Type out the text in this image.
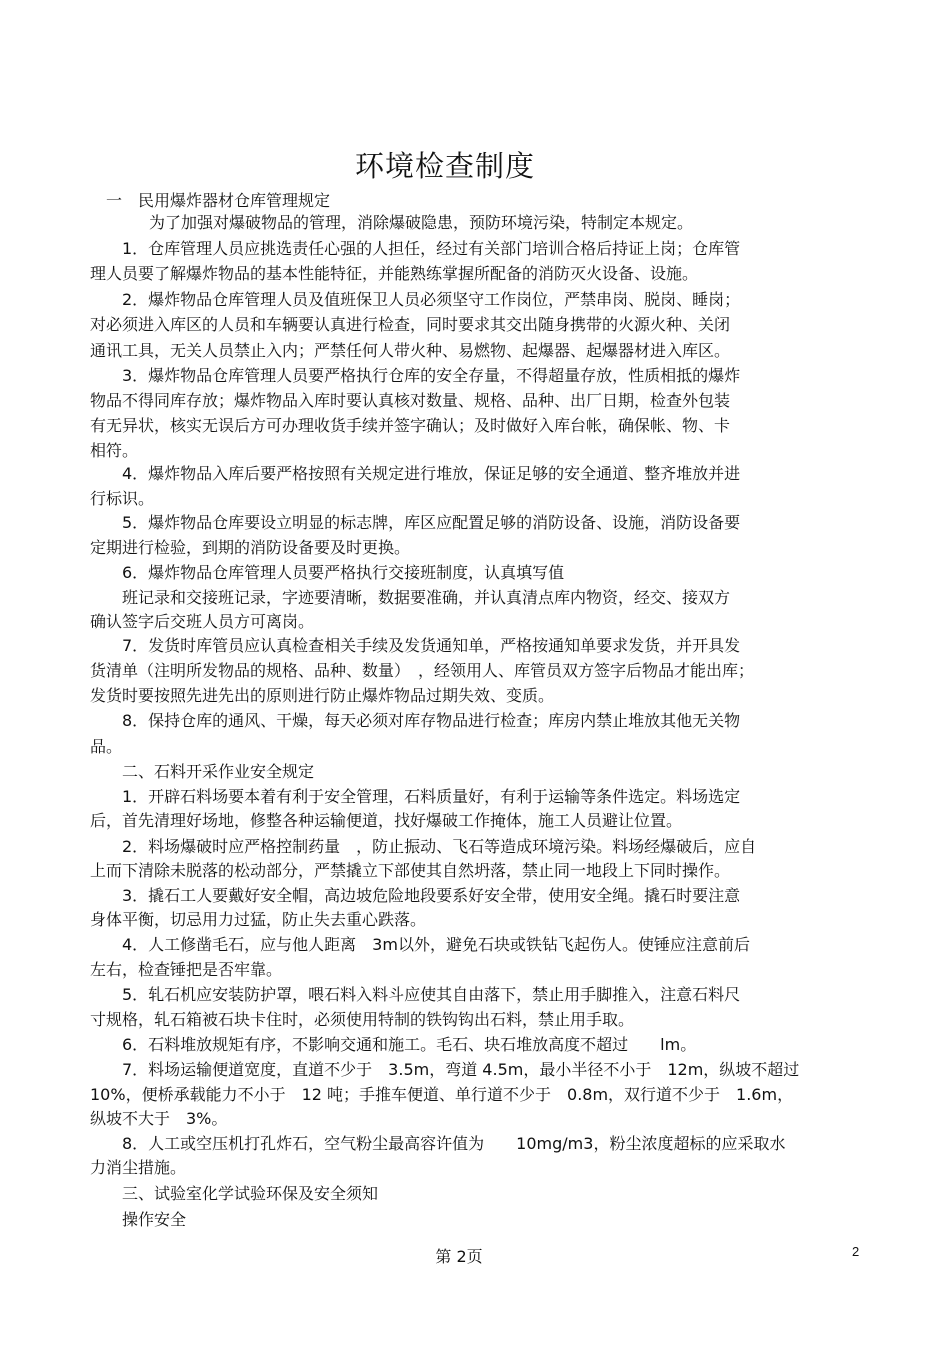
环境检查制度
一　民用爆炸器材仓库管理规定
为了加强对爆破物品的管理，消除爆破隐患，预防环境污染，特制定本规定。
1．仓库管理人员应挑选责任心强的人担任，经过有关部门培训合格后持证上岗；仓库管
理人员要了解爆炸物品的基本性能特征，并能熟练掌握所配备的消防灭火设备、设施。
2．爆炸物品仓库管理人员及值班保卫人员必须坚守工作岗位，严禁串岗、脱岗、睡岗；
对必须进入库区的人员和车辆要认真进行检查，同时要求其交出随身携带的火源火种、关闭
通讯工具，无关人员禁止入内；严禁任何人带火种、易燃物、起爆器、起爆器材进入库区。
3．爆炸物品仓库管理人员要严格执行仓库的安全存量，不得超量存放，性质相抵的爆炸
物品不得同库存放；爆炸物品入库时要认真核对数量、规格、品种、出厂日期，检查外包装
有无异状，核实无误后方可办理收货手续并签字确认；及时做好入库台帐，确保帐、物、卡
相符。
4．爆炸物品入库后要严格按照有关规定进行堆放，保证足够的安全通道、整齐堆放并进
行标识。
5．爆炸物品仓库要设立明显的标志牌，库区应配置足够的消防设备、设施，消防设备要
定期进行检验，到期的消防设备要及时更换。
6．爆炸物品仓库管理人员要严格执行交接班制度，认真填写值
班记录和交接班记录，字迹要清晰，数据要准确，并认真清点库内物资，经交、接双方
确认签字后交班人员方可离岗。
7．发货时库管员应认真检查相关手续及发货通知单，严格按通知单要求发货，并开具发
货清单（注明所发物品的规格、品种、数量）　，经领用人、库管员双方签字后物品才能出库；
发货时要按照先进先出的原则进行防止爆炸物品过期失效、变质。
8．保持仓库的通风、干燥，每天必须对库存物品进行检查；库房内禁止堆放其他无关物
品。
二、石料开采作业安全规定
1．开辟石料场要本着有利于安全管理，石料质量好，有利于运输等条件选定。料场选定
后，首先清理好场地，修整各种运输便道，找好爆破工作掩体，施工人员避让位置。
2．料场爆破时应严格控制药量　，防止振动、飞石等造成环境污染。料场经爆破后，应自
上而下清除未脱落的松动部分，严禁撬立下部使其自然坍落，禁止同一地段上下同时操作。
3．撬石工人要戴好安全帽，高边坡危险地段要系好安全带，使用安全绳。撬石时要注意
身体平衡，切忌用力过猛，防止失去重心跌落。
4．人工修凿毛石，应与他人距离　3m以外，避免石块或铁钻飞起伤人。使锤应注意前后
左右，检查锤把是否牢靠。
5．轧石机应安装防护罩，喂石料入料斗应使其自由落下，禁止用手脚推入，注意石料尺
寸规格，轧石箱被石块卡住时，必须使用特制的铁钩钩出石料，禁止用手取。
6．石料堆放规矩有序，不影响交通和施工。毛石、块石堆放高度不超过　　lm。
7．料场运输便道宽度，直道不少于　3.5m，弯道 4.5m，最小半径不小于　12m，纵坡不超过
10%，便桥承载能力不小于　12 吨；手推车便道、单行道不少于　0.8m，双行道不少于　1.6m，
纵坡不大于　3%。
8．人工或空压机打孔炸石，空气粉尘最高容许值为　　10mg/m3，粉尘浓度超标的应采取水
力消尘措施。
三、试验室化学试验环保及安全须知
操作安全
第 2页	2
